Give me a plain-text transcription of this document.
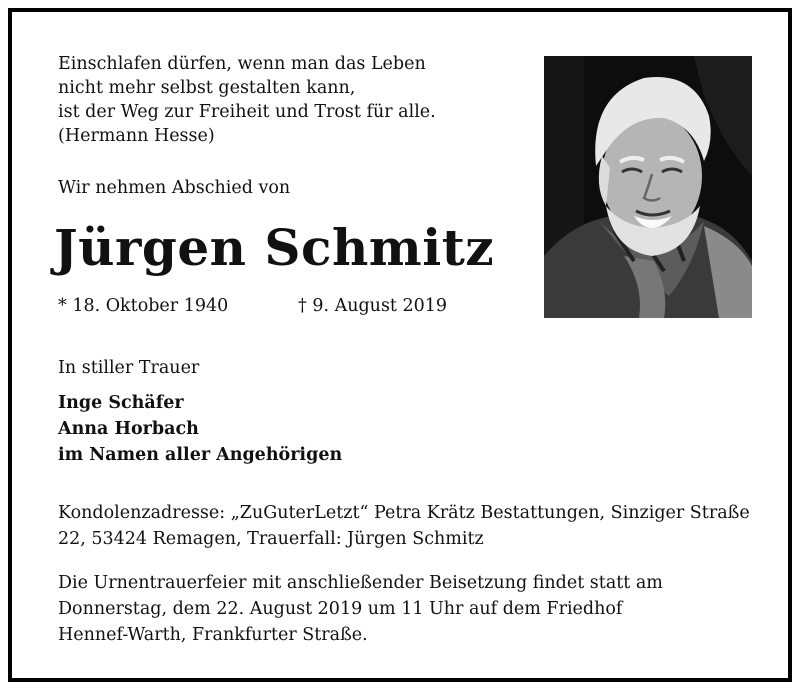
Einschlafen dürfen, wenn man das Leben
nicht mehr selbst gestalten kann,
ist der Weg zur Freiheit und Trost für alle.
(Hermann Hesse)
Wir nehmen Abschied von
Jürgen Schmitz
* 18. Oktober 1940	† 9. August 2019
In stiller Trauer
Inge Schäfer
Anna Horbach
im Namen aller Angehörigen
Kondolenzadresse: „ZuGuterLetzt“ Petra Krätz Bestattungen, Sinziger Straße
22, 53424 Remagen, Trauerfall: Jürgen Schmitz
Die Urnentrauerfeier mit anschließender Beisetzung findet statt am
Donnerstag, dem 22. August 2019 um 11 Uhr auf dem Friedhof
Hennef-Warth, Frankfurter Straße.
